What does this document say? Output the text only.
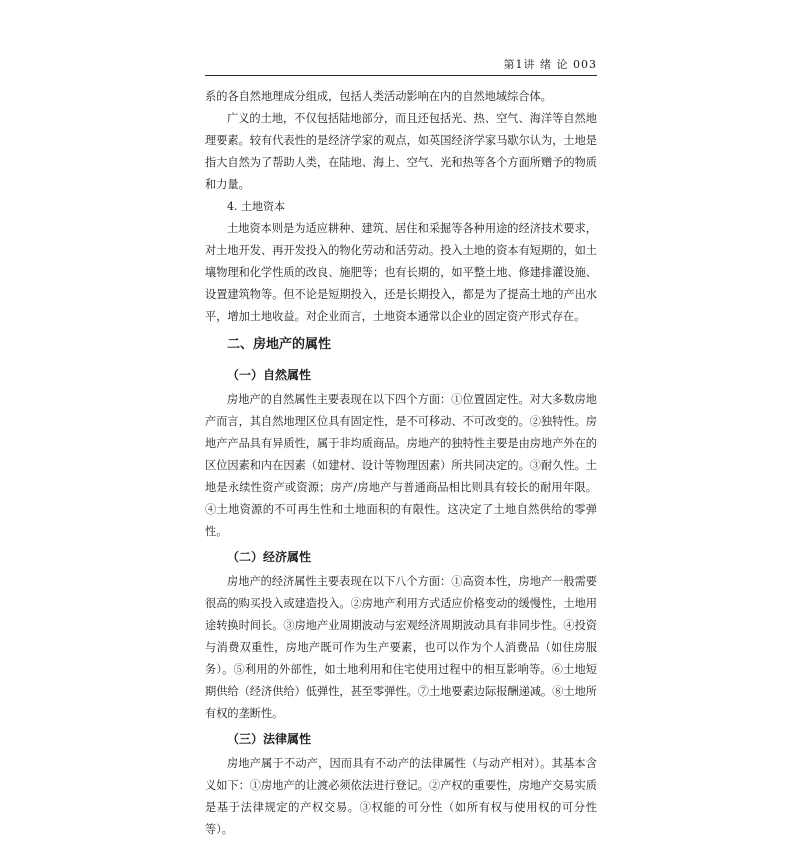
第1讲 绪 论 003

系的各自然地理成分组成，包括人类活动影响在内的自然地域综合体。

广义的土地，不仅包括陆地部分，而且还包括光、热、空气、海洋等自然地理要素。较有代表性的是经济学家的观点，如英国经济学家马歇尔认为，土地是指大自然为了帮助人类，在陆地、海上、空气、光和热等各个方面所赠予的物质和力量。

4. 土地资本

土地资本则是为适应耕种、建筑、居住和采掘等各种用途的经济技术要求，对土地开发、再开发投入的物化劳动和活劳动。投入土地的资本有短期的，如土壤物理和化学性质的改良、施肥等；也有长期的，如平整土地、修建排灌设施、设置建筑物等。但不论是短期投入，还是长期投入，都是为了提高土地的产出水平，增加土地收益。对企业而言，土地资本通常以企业的固定资产形式存在。

二、房地产的属性
（一）自然属性

房地产的自然属性主要表现在以下四个方面：①位置固定性。对大多数房地产而言，其自然地理区位具有固定性，是不可移动、不可改变的。②独特性。房地产产品具有异质性，属于非均质商品。房地产的独特性主要是由房地产外在的区位因素和内在因素（如建材、设计等物理因素）所共同决定的。③耐久性。土地是永续性资产或资源；房产/房地产与普通商品相比则具有较长的耐用年限。④土地资源的不可再生性和土地面积的有限性。这决定了土地自然供给的零弹性。

（二）经济属性

房地产的经济属性主要表现在以下八个方面：①高资本性，房地产一般需要很高的购买投入或建造投入。②房地产利用方式适应价格变动的缓慢性，土地用途转换时间长。③房地产业周期波动与宏观经济周期波动具有非同步性。④投资与消费双重性，房地产既可作为生产要素，也可以作为个人消费品（如住房服务）。⑤利用的外部性，如土地利用和住宅使用过程中的相互影响等。⑥土地短期供给（经济供给）低弹性，甚至零弹性。⑦土地要素边际报酬递减。⑧土地所有权的垄断性。

（三）法律属性

房地产属于不动产，因而具有不动产的法律属性（与动产相对）。其基本含义如下：①房地产的让渡必须依法进行登记。②产权的重要性，房地产交易实质是基于法律规定的产权交易。③权能的可分性（如所有权与使用权的可分性等）。
